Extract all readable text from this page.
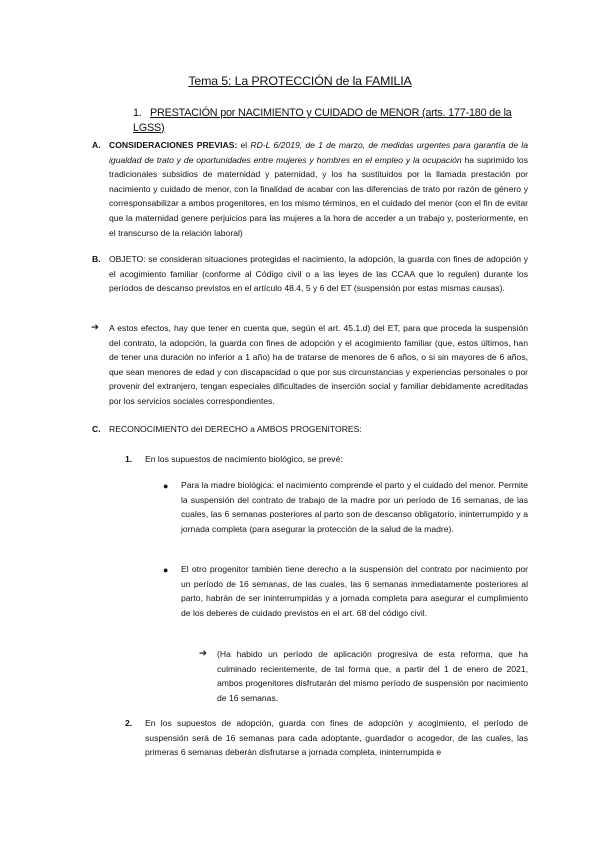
Tema 5: La PROTECCIÓN de la FAMILIA
1. PRESTACIÓN por NACIMIENTO y CUIDADO de MENOR (arts. 177-180 de la LGSS)
A. CONSIDERACIONES PREVIAS: el RD-L 6/2019, de 1 de marzo, de medidas urgentes para garantía de la igualdad de trato y de oportunidades entre mujeres y hombres en el empleo y la ocupación ha suprimido los tradicionales subsidios de maternidad y paternidad, y los ha sustituidos por la llamada prestación por nacimiento y cuidado de menor, con la finalidad de acabar con las diferencias de trato por razón de género y corresponsabilizar a ambos progenitores, en los mismo términos, en el cuidado del menor (con el fin de evitar que la maternidad genere perjuicios para las mujeres a la hora de acceder a un trabajo y, posteriormente, en el transcurso de la relación laboral)

B. OBJETO: se consideran situaciones protegidas el nacimiento, la adopción, la guarda con fines de adopción y el acogimiento familiar (conforme al Código civil o a las leyes de las CCAA que lo regulen) durante los períodos de descanso previstos en el artículo 48.4, 5 y 6 del ET (suspensión por estas mismas causas).

➔ A estos efectos, hay que tener en cuenta que, según el art. 45.1.d) del ET, para que proceda la suspensión del contrato, la adopción, la guarda con fines de adopción y el acogimiento familiar (que, estos últimos, han de tener una duración no inferior a 1 año) ha de tratarse de menores de 6 años, o si sin mayores de 6 años, que sean menores de edad y con discapacidad o que por sus circunstancias y experiencias personales o por provenir del extranjero, tengan especiales dificultades de inserción social y familiar debidamente acreditadas por los servicios sociales correspondientes.

C. RECONOCIMIENTO del DERECHO a AMBOS PROGENITORES:

1. En los supuestos de nacimiento biológico, se prevé:

● Para la madre biológica: el nacimiento comprende el parto y el cuidado del menor. Permite la suspensión del contrato de trabajo de la madre por un período de 16 semanas, de las cuales, las 6 semanas posteriores al parto son de descanso obligatorio, ininterrumpido y a jornada completa (para asegurar la protección de la salud de la madre).

● El otro progenitor también tiene derecho a la suspensión del contrato por nacimiento por un período de 16 semanas, de las cuales, las 6 semanas inmediatamente posteriores al parto, habrán de ser ininterrumpidas y a jornada completa para asegurar el cumplimiento de los deberes de cuidado previstos en el art. 68 del código civil.

➔ (Ha habido un período de aplicación progresiva de esta reforma, que ha culminado recientemente, de tal forma que, a partir del 1 de enero de 2021, ambos progenitores disfrutarán del mismo período de suspensión por nacimiento de 16 semanas.

2. En los supuestos de adopción, guarda con fines de adopción y acogimiento, el período de suspensión será de 16 semanas para cada adoptante, guardador o acogedor, de las cuales, las primeras 6 semanas deberán disfrutarse a jornada completa, ininterrumpida e
